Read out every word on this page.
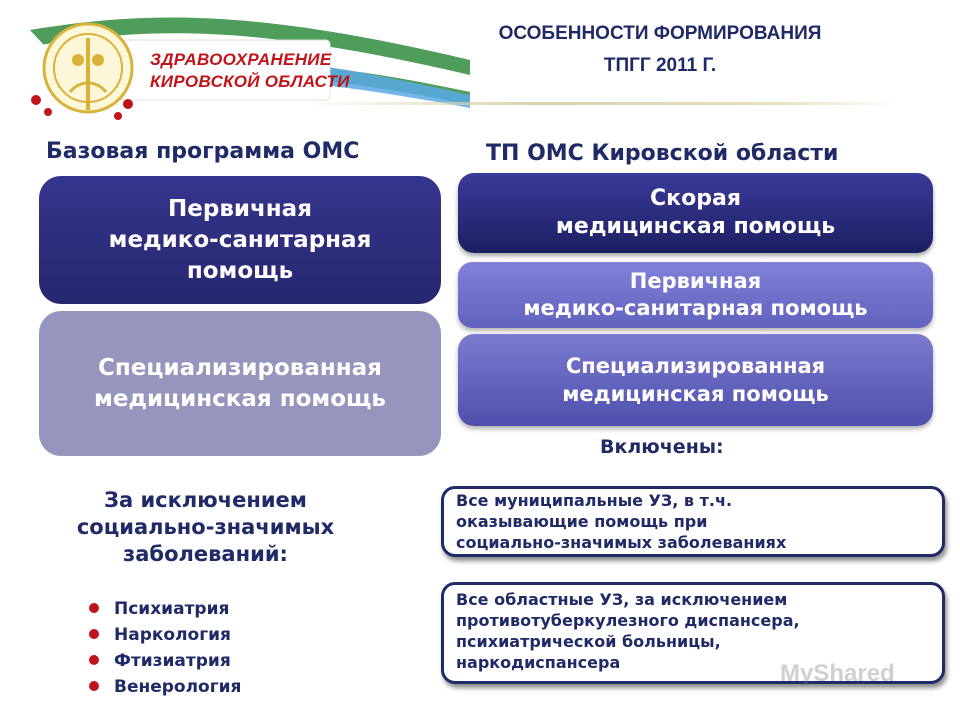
ЗДРАВООХРАНЕНИЕ
КИРОВСКОЙ ОБЛАСТИ
ОСОБЕННОСТИ ФОРМИРОВАНИЯ
ТПГГ 2011 Г.
Базовая программа ОМС	ТП ОМС Кировской области
Первичная
медико-санитарная
помощь
Специализированная
медицинская помощь
Скорая
медицинская помощь
Первичная
медико-санитарная помощь
Специализированная
медицинская помощь
Включены:
Все муниципальные УЗ, в т.ч.
оказывающие помощь при
социально-значимых заболеваниях
Все областные УЗ, за исключением
противотуберкулезного диспансера,
психиатрической больницы,
наркодиспансера
За исключением
социально-значимых
заболеваний:
Психиатрия
Наркология
Фтизиатрия
Венерология	MyShared
